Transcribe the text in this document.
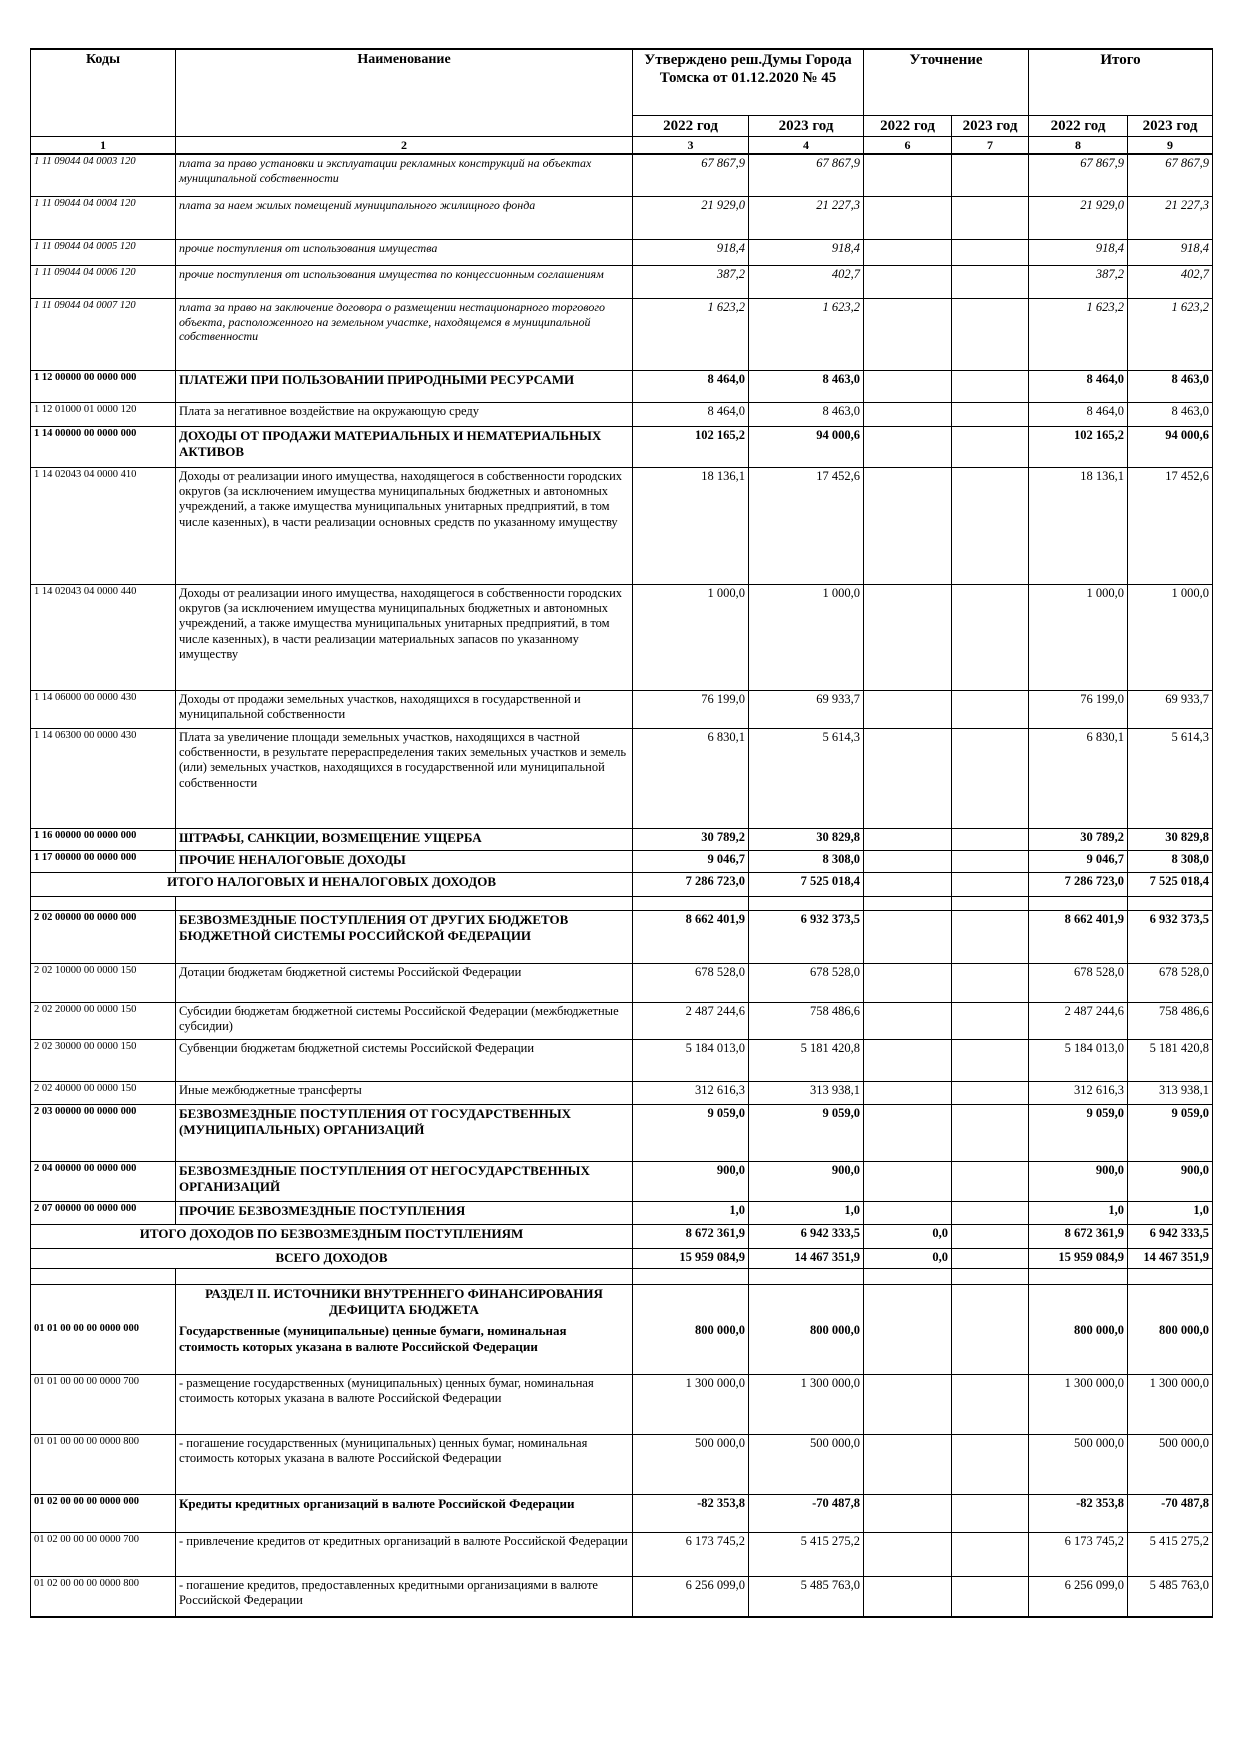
Коды	Наименование	Утверждено реш.Думы Города Томска от 01.12.2020 № 45		Уточнение		Итого	
		2022 год	2023 год	2022 год	2023 год	2022 год	2023 год
1	2	3	4	6	7	8	9
1 11 09044 04 0003 120	плата за право установки и эксплуатации рекламных конструкций на объектах муниципальной собственности	67 867,9	67 867,9			67 867,9	67 867,9
1 11 09044 04 0004 120	плата за наем жилых помещений муниципального жилищного фонда	21 929,0	21 227,3			21 929,0	21 227,3
1 11 09044 04 0005 120	прочие поступления от использования имущества	918,4	918,4			918,4	918,4
1 11 09044 04 0006 120	прочие поступления от использования имущества по концессионным соглашениям	387,2	402,7			387,2	402,7
1 11 09044 04 0007 120	плата за право на заключение договора о размещении нестационарного торгового объекта, расположенного на земельном участке, находящемся в муниципальной собственности	1 623,2	1 623,2			1 623,2	1 623,2
1 12 00000 00 0000 000	ПЛАТЕЖИ ПРИ ПОЛЬЗОВАНИИ ПРИРОДНЫМИ РЕСУРСАМИ	8 464,0	8 463,0			8 464,0	8 463,0
1 12 01000 01 0000 120	Плата за негативное воздействие на окружающую среду	8 464,0	8 463,0			8 464,0	8 463,0
1 14 00000 00 0000 000	ДОХОДЫ ОТ ПРОДАЖИ МАТЕРИАЛЬНЫХ И НЕМАТЕРИАЛЬНЫХ АКТИВОВ	102 165,2	94 000,6			102 165,2	94 000,6
1 14 02043 04 0000 410	Доходы от реализации иного имущества, находящегося в собственности городских округов (за исключением имущества муниципальных бюджетных и автономных учреждений, а также имущества муниципальных унитарных предприятий, в том числе казенных), в части реализации основных средств по указанному имуществу	18 136,1	17 452,6			18 136,1	17 452,6
1 14 02043 04 0000 440	Доходы от реализации иного имущества, находящегося в собственности городских округов (за исключением имущества муниципальных бюджетных и автономных учреждений, а также имущества муниципальных унитарных предприятий, в том числе казенных), в части реализации материальных запасов по указанному имуществу	1 000,0	1 000,0			1 000,0	1 000,0
1 14 06000 00 0000 430	Доходы от продажи земельных участков, находящихся в государственной и муниципальной собственности	76 199,0	69 933,7			76 199,0	69 933,7
1 14 06300 00 0000 430	Плата за увеличение площади земельных участков, находящихся в частной собственности, в результате перераспределения таких земельных участков и земель (или) земельных участков, находящихся в государственной или муниципальной собственности	6 830,1	5 614,3			6 830,1	5 614,3
1 16 00000 00 0000 000	ШТРАФЫ, САНКЦИИ, ВОЗМЕЩЕНИЕ УЩЕРБА	30 789,2	30 829,8			30 789,2	30 829,8
1 17 00000 00 0000 000	ПРОЧИЕ НЕНАЛОГОВЫЕ ДОХОДЫ	9 046,7	8 308,0			9 046,7	8 308,0
ИТОГО НАЛОГОВЫХ И НЕНАЛОГОВЫХ ДОХОДОВ		7 286 723,0	7 525 018,4			7 286 723,0	7 525 018,4

2 02 00000 00 0000 000	БЕЗВОЗМЕЗДНЫЕ ПОСТУПЛЕНИЯ ОТ ДРУГИХ БЮДЖЕТОВ БЮДЖЕТНОЙ СИСТЕМЫ РОССИЙСКОЙ ФЕДЕРАЦИИ	8 662 401,9	6 932 373,5			8 662 401,9	6 932 373,5
2 02 10000 00 0000 150	Дотации бюджетам бюджетной системы Российской Федерации	678 528,0	678 528,0			678 528,0	678 528,0
2 02 20000 00 0000 150	Субсидии бюджетам бюджетной системы Российской Федерации (межбюджетные субсидии)	2 487 244,6	758 486,6			2 487 244,6	758 486,6
2 02 30000 00 0000 150	Субвенции бюджетам бюджетной системы Российской Федерации	5 184 013,0	5 181 420,8			5 184 013,0	5 181 420,8
2 02 40000 00 0000 150	Иные межбюджетные трансферты	312 616,3	313 938,1			312 616,3	313 938,1
2 03 00000 00 0000 000	БЕЗВОЗМЕЗДНЫЕ ПОСТУПЛЕНИЯ ОТ ГОСУДАРСТВЕННЫХ (МУНИЦИПАЛЬНЫХ) ОРГАНИЗАЦИЙ	9 059,0	9 059,0			9 059,0	9 059,0
2 04 00000 00 0000 000	БЕЗВОЗМЕЗДНЫЕ ПОСТУПЛЕНИЯ ОТ НЕГОСУДАРСТВЕННЫХ ОРГАНИЗАЦИЙ	900,0	900,0			900,0	900,0
2 07 00000 00 0000 000	ПРОЧИЕ БЕЗВОЗМЕЗДНЫЕ ПОСТУПЛЕНИЯ	1,0	1,0			1,0	1,0
ИТОГО ДОХОДОВ ПО БЕЗВОЗМЕЗДНЫМ ПОСТУПЛЕНИЯМ		8 672 361,9	6 942 333,5	0,0		8 672 361,9	6 942 333,5
ВСЕГО ДОХОДОВ		15 959 084,9	14 467 351,9	0,0		15 959 084,9	14 467 351,9

	РАЗДЕЛ II. ИСТОЧНИКИ ВНУТРЕННЕГО ФИНАНСИРОВАНИЯ ДЕФИЦИТА БЮДЖЕТА						
01 01 00 00 00 0000 000	Государственные (муниципальные) ценные бумаги, номинальная стоимость которых указана в валюте Российской Федерации	800 000,0	800 000,0			800 000,0	800 000,0
01 01 00 00 00 0000 700	- размещение государственных (муниципальных) ценных бумаг, номинальная стоимость которых указана в валюте Российской Федерации	1 300 000,0	1 300 000,0			1 300 000,0	1 300 000,0
01 01 00 00 00 0000 800	- погашение государственных (муниципальных) ценных бумаг, номинальная стоимость которых указана в валюте Российской Федерации	500 000,0	500 000,0			500 000,0	500 000,0
01 02 00 00 00 0000 000	Кредиты кредитных организаций в валюте Российской Федерации	-82 353,8	-70 487,8			-82 353,8	-70 487,8
01 02 00 00 00 0000 700	- привлечение кредитов от кредитных организаций в валюте Российской Федерации	6 173 745,2	5 415 275,2			6 173 745,2	5 415 275,2
01 02 00 00 00 0000 800	- погашение кредитов, предоставленных кредитными организациями в валюте Российской Федерации	6 256 099,0	5 485 763,0			6 256 099,0	5 485 763,0
